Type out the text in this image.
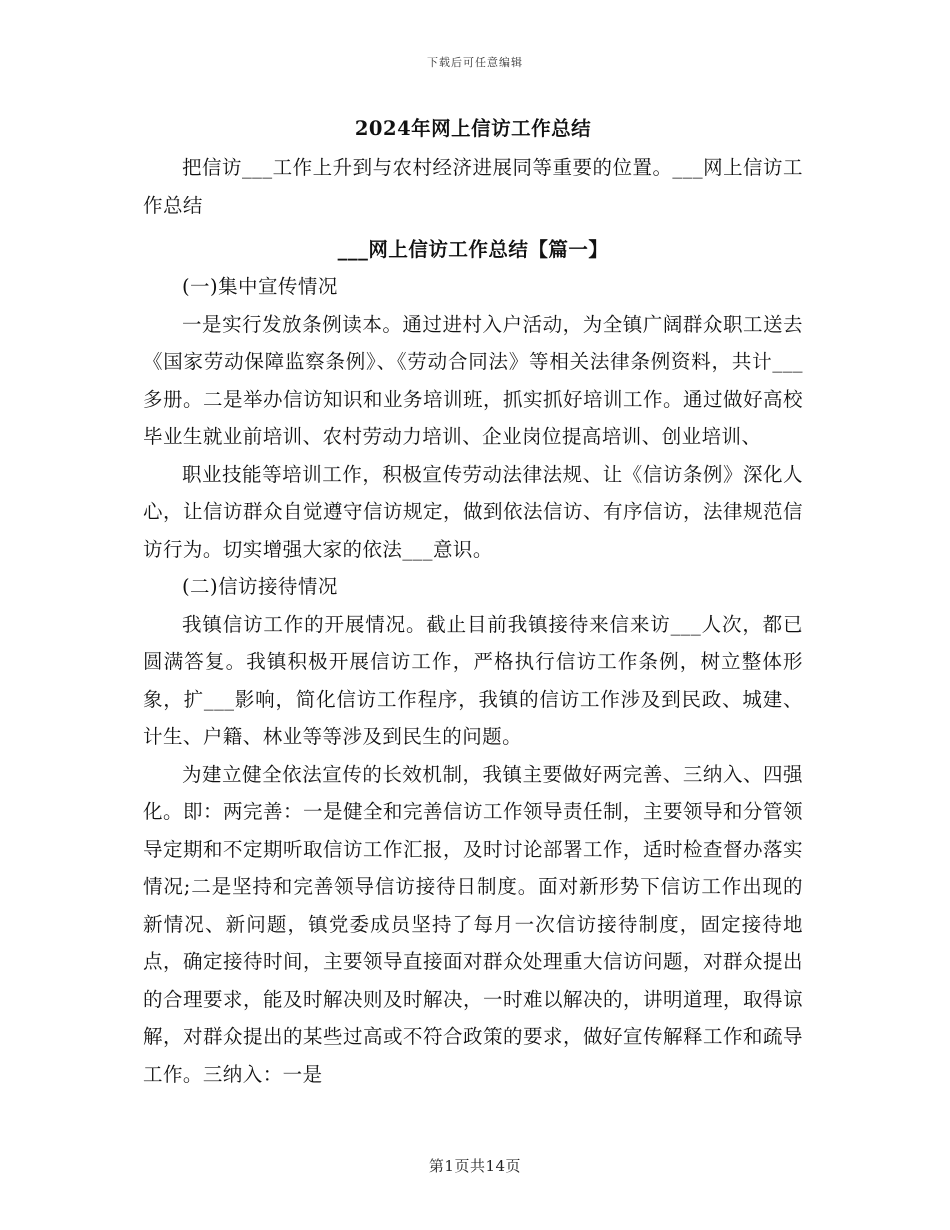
下载后可任意编辑
2024年网上信访工作总结

把信访___工作上升到与农村经济进展同等重要的位置。___网上信访工作总结

___网上信访工作总结【篇一】

(一)集中宣传情况

一是实行发放条例读本。通过进村入户活动，为全镇广阔群众职工送去《国家劳动保障监察条例》、《劳动合同法》等相关法律条例资料，共计___多册。二是举办信访知识和业务培训班，抓实抓好培训工作。通过做好高校毕业生就业前培训、农村劳动力培训、企业岗位提高培训、创业培训、

职业技能等培训工作，积极宣传劳动法律法规、让《信访条例》深化人心，让信访群众自觉遵守信访规定，做到依法信访、有序信访，法律规范信访行为。切实增强大家的依法___意识。

(二)信访接待情况

我镇信访工作的开展情况。截止目前我镇接待来信来访___人次，都已圆满答复。我镇积极开展信访工作，严格执行信访工作条例，树立整体形象，扩___影响，简化信访工作程序，我镇的信访工作涉及到民政、城建、计生、户籍、林业等等涉及到民生的问题。

为建立健全依法宣传的长效机制，我镇主要做好两完善、三纳入、四强化。即：两完善：一是健全和完善信访工作领导责任制，主要领导和分管领导定期和不定期听取信访工作汇报，及时讨论部署工作，适时检查督办落实情况;二是坚持和完善领导信访接待日制度。面对新形势下信访工作出现的新情况、新问题，镇党委成员坚持了每月一次信访接待制度，固定接待地点，确定接待时间，主要领导直接面对群众处理重大信访问题，对群众提出的合理要求，能及时解决则及时解决，一时难以解决的，讲明道理，取得谅解，对群众提出的某些过高或不符合政策的要求，做好宣传解释工作和疏导工作。三纳入：一是

第1页共14页
